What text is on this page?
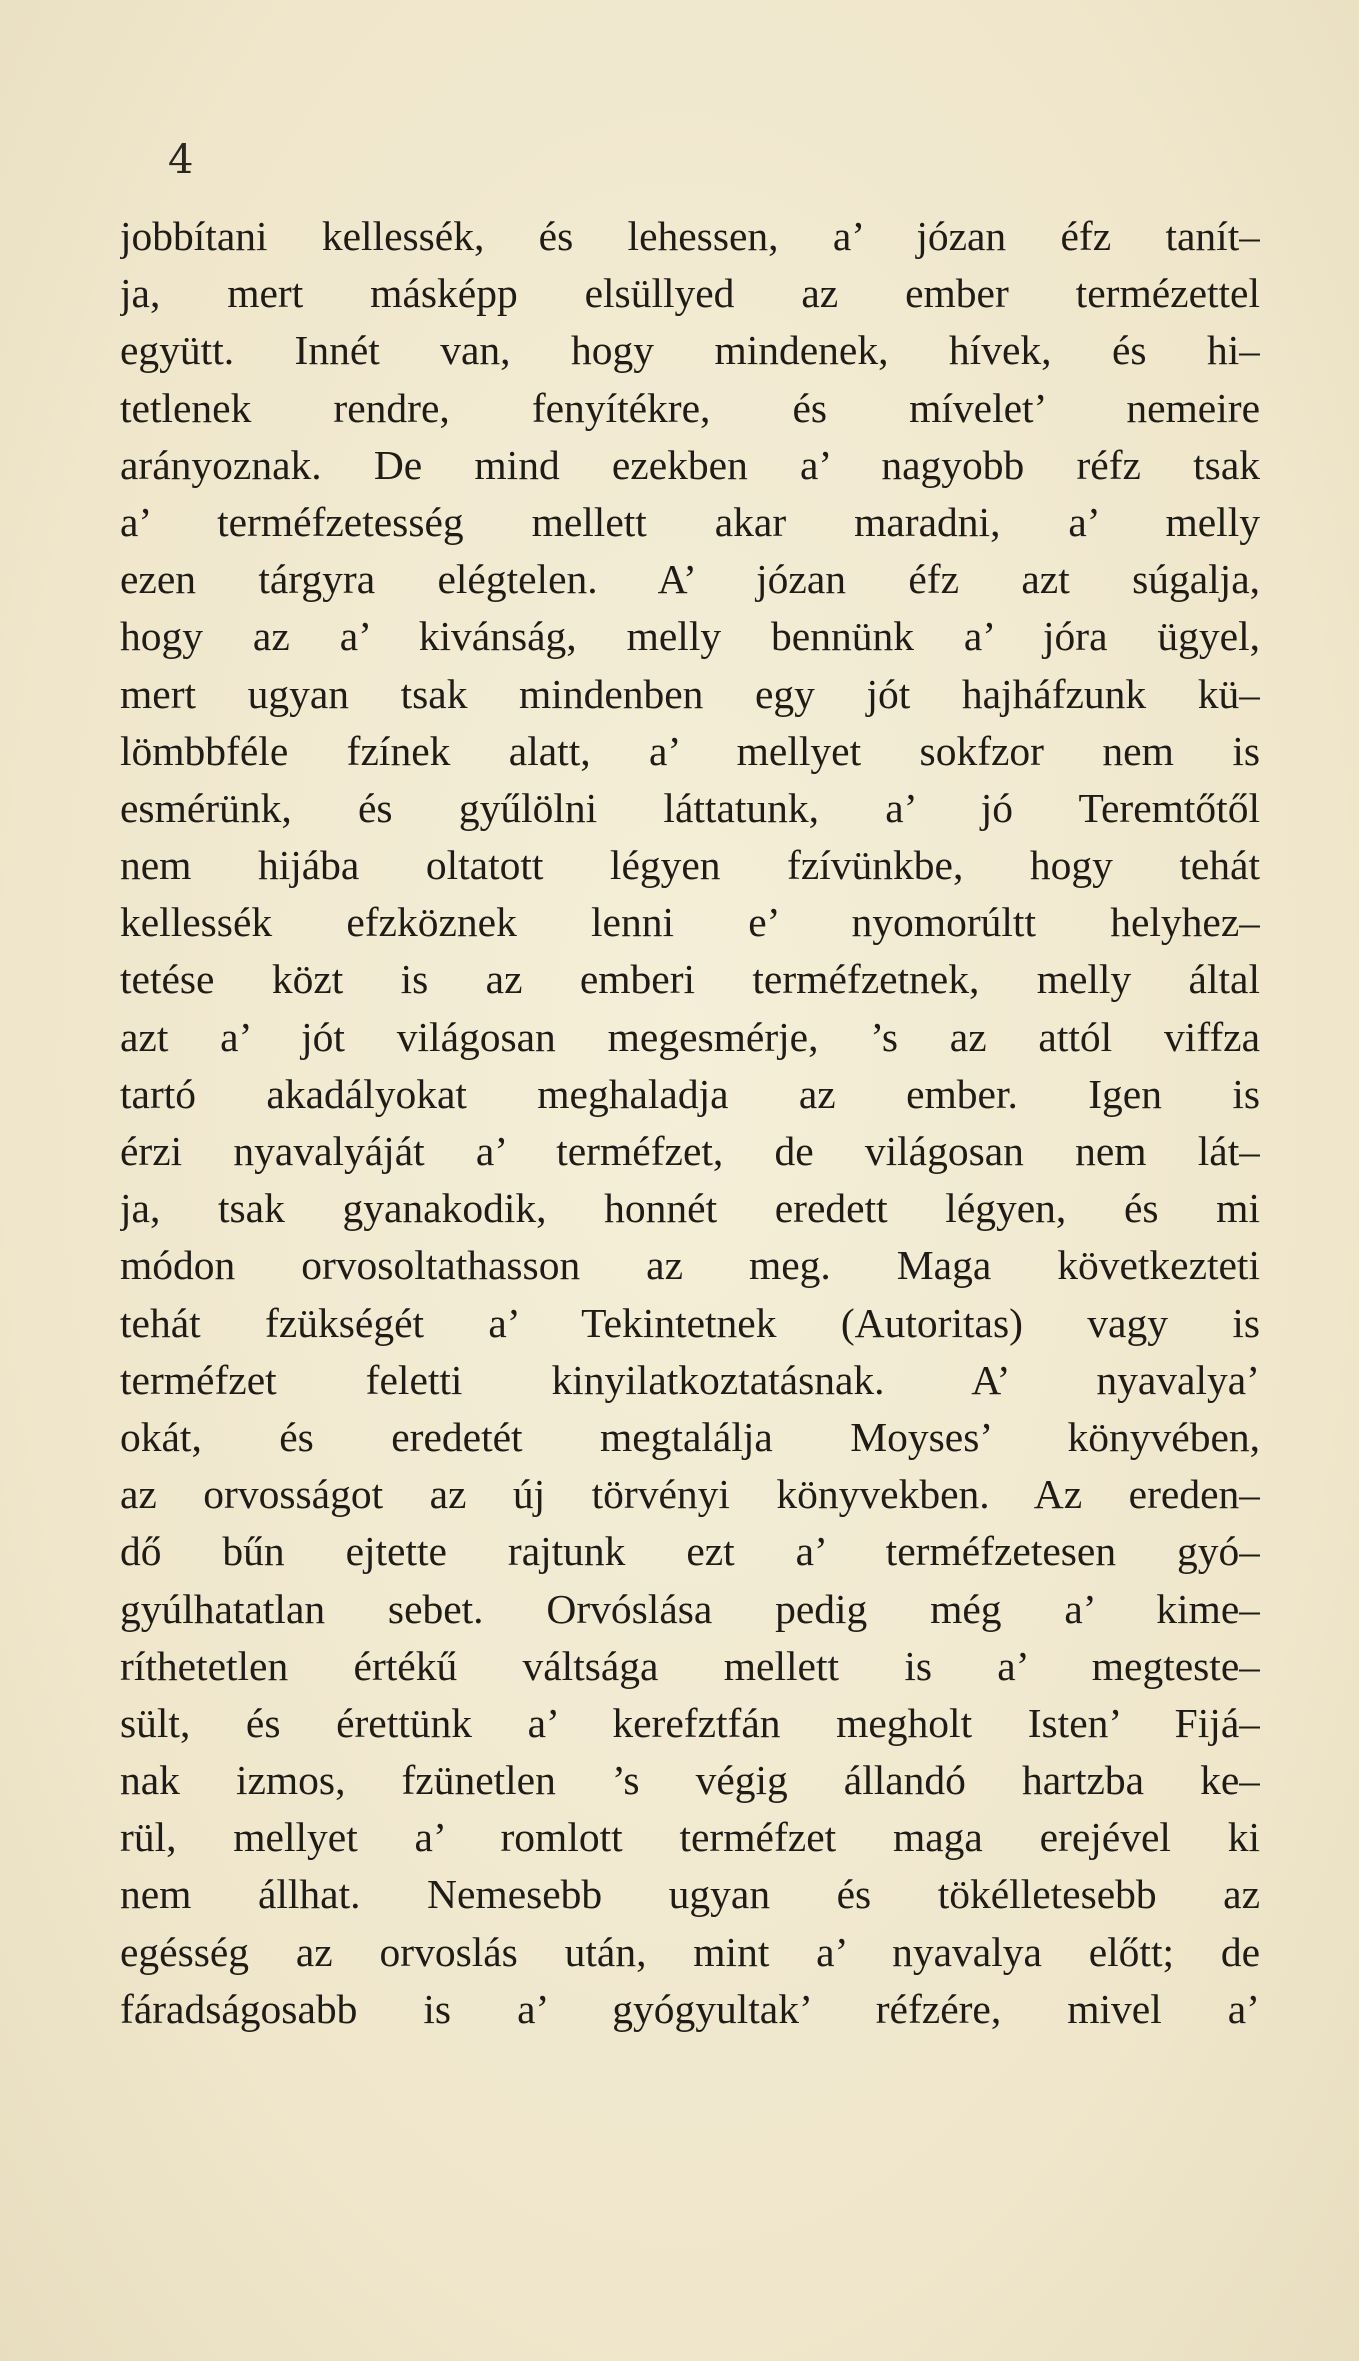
4
jobbítani kellessék, és lehessen, a’ józan éfz tanít–
ja, mert másképp elsüllyed az ember termézettel
együtt. Innét van, hogy mindenek, hívek, és hi–
tetlenek rendre, fenyítékre, és mívelet’ nemeire
arányoznak. De mind ezekben a’ nagyobb réfz tsak
a’ terméfzetesség mellett akar maradni, a’ melly
ezen tárgyra elégtelen. A’ józan éfz azt súgalja,
hogy az a’ kivánság, melly bennünk a’ jóra ügyel,
mert ugyan tsak mindenben egy jót hajháfzunk kü–
lömbbféle fzínek alatt, a’ mellyet sokfzor nem is
esmérünk, és gyűlölni láttatunk, a’ jó Teremtőtől
nem hijába oltatott légyen fzívünkbe, hogy tehát
kellessék efzköznek lenni e’ nyomorúltt helyhez–
tetése közt is az emberi terméfzetnek, melly által
azt a’ jót világosan megesmérje, ’s az attól viffza
tartó akadályokat meghaladja az ember. Igen is
érzi nyavalyáját a’ terméfzet, de világosan nem lát–
ja, tsak gyanakodik, honnét eredett légyen, és mi
módon orvosoltathasson az meg. Maga következteti
tehát fzükségét a’ Tekintetnek (Autoritas) vagy is
terméfzet feletti kinyilatkoztatásnak. A’ nyavalya’
okát, és eredetét megtalálja Moyses’ könyvében,
az orvosságot az új törvényi könyvekben. Az ereden–
dő bűn ejtette rajtunk ezt a’ terméfzetesen gyó–
gyúlhatatlan sebet. Orvóslása pedig még a’ kime–
ríthetetlen értékű váltsága mellett is a’ megteste–
sült, és érettünk a’ kerefztfán megholt Isten’ Fijá–
nak izmos, fzünetlen ’s végig állandó hartzba ke–
rül, mellyet a’ romlott terméfzet maga erejével ki
nem állhat. Nemesebb ugyan és tökélletesebb az
egésség az orvoslás után, mint a’ nyavalya előtt; de
fáradságosabb is a’ gyógyultak’ réfzére, mivel a’
